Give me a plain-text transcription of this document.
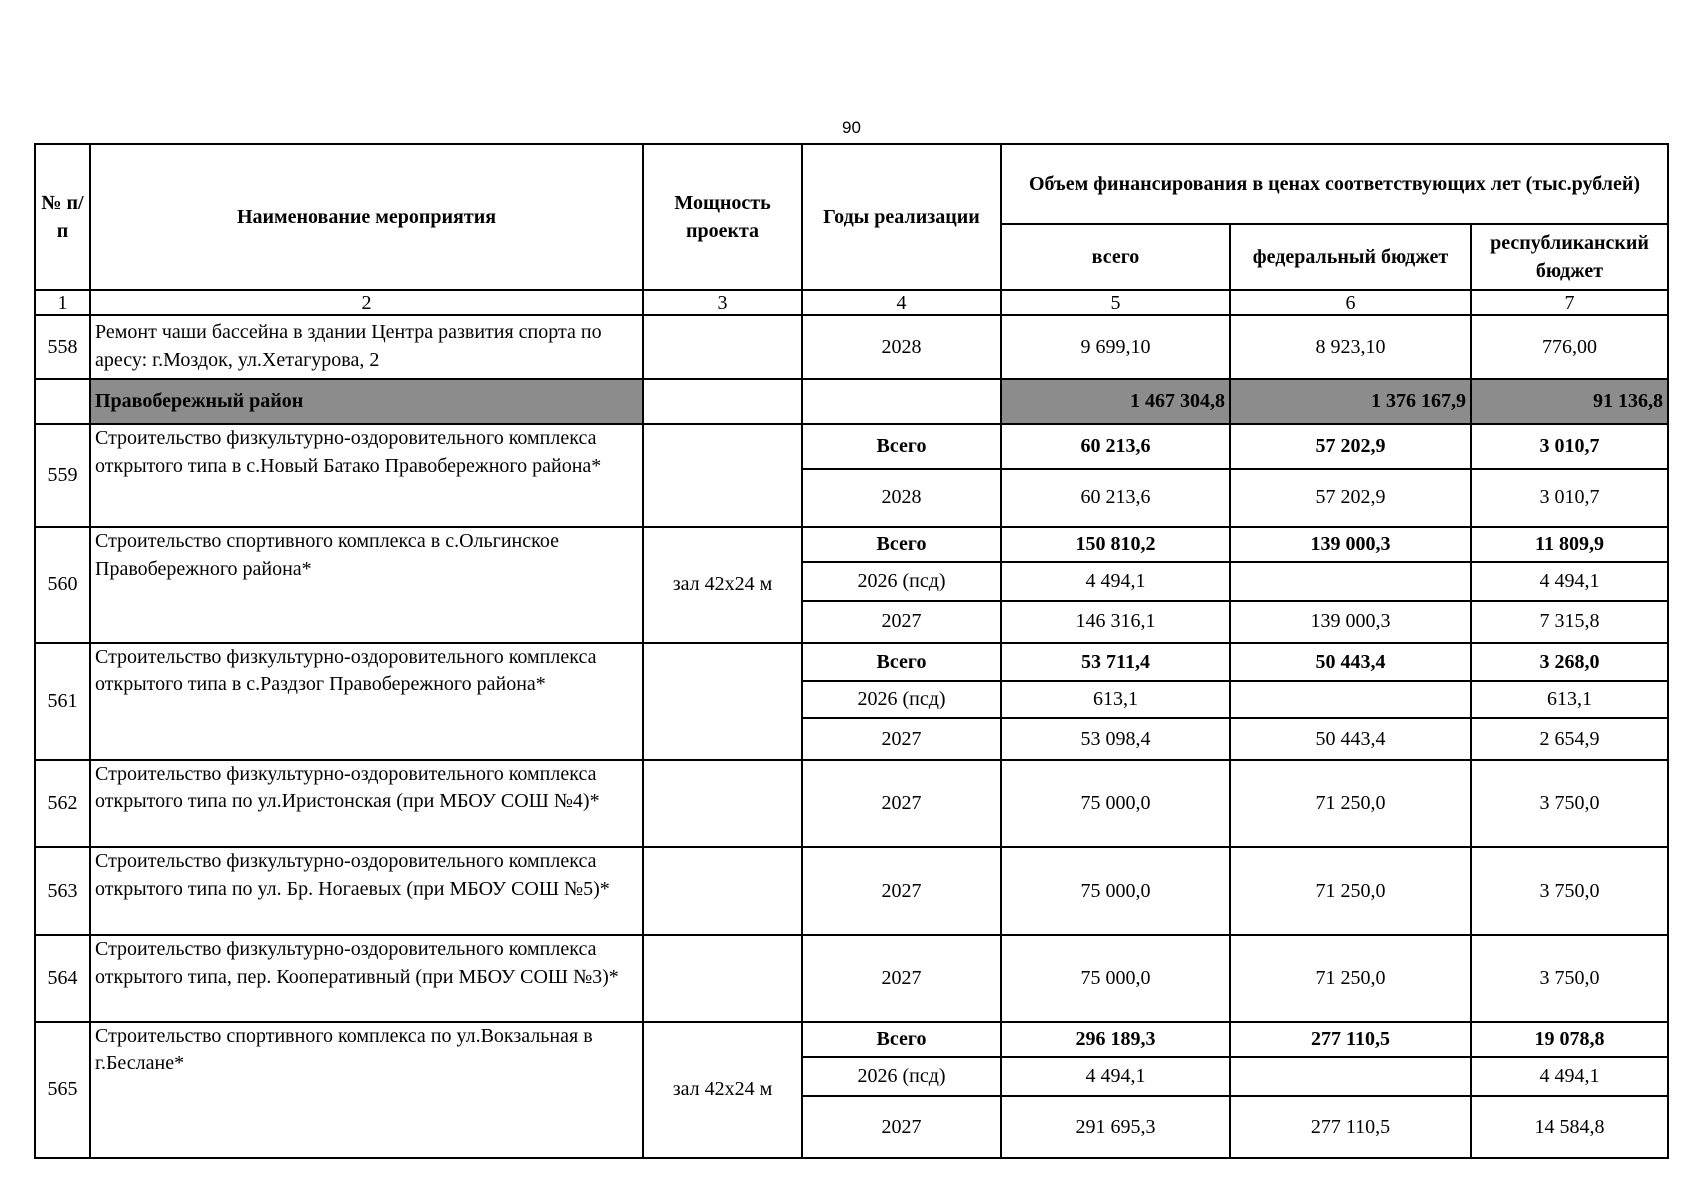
90
№ п/п	Наименование мероприятия	Мощность проекта	Годы реализации	Объем финансирования в ценах соответствующих лет (тыс.рублей)		
				всего	федеральный бюджет	республиканский бюджет
1	2	3	4	5	6	7
558	Ремонт чаши бассейна в здании Центра развития спорта по аресу: г.Моздок, ул.Хетагурова, 2		2028	9 699,10	8 923,10	776,00
	Правобережный район			1 467 304,8	1 376 167,9	91 136,8
559	Строительство физкультурно-оздоровительного комплекса открытого типа в с.Новый Батако Правобережного района*		Всего	60 213,6	57 202,9	3 010,7
			2028	60 213,6	57 202,9	3 010,7
560	Строительство спортивного комплекса в с.Ольгинское Правобережного района*	зал 42x24 м	Всего	150 810,2	139 000,3	11 809,9
			2026 (псд)	4 494,1		4 494,1
			2027	146 316,1	139 000,3	7 315,8
561	Строительство физкультурно-оздоровительного комплекса открытого типа в с.Раздзог Правобережного района*		Всего	53 711,4	50 443,4	3 268,0
			2026 (псд)	613,1		613,1
			2027	53 098,4	50 443,4	2 654,9
562	Строительство физкультурно-оздоровительного комплекса открытого типа по ул.Иристонская (при МБОУ СОШ №4)*		2027	75 000,0	71 250,0	3 750,0
563	Строительство физкультурно-оздоровительного комплекса открытого типа по ул. Бр. Ногаевых (при МБОУ СОШ №5)*		2027	75 000,0	71 250,0	3 750,0
564	Строительство физкультурно-оздоровительного комплекса открытого типа, пер. Кооперативный (при МБОУ СОШ №3)*		2027	75 000,0	71 250,0	3 750,0
565	Строительство спортивного комплекса по ул.Вокзальная в г.Беслане*	зал 42x24 м	Всего	296 189,3	277 110,5	19 078,8
			2026 (псд)	4 494,1		4 494,1
			2027	291 695,3	277 110,5	14 584,8
